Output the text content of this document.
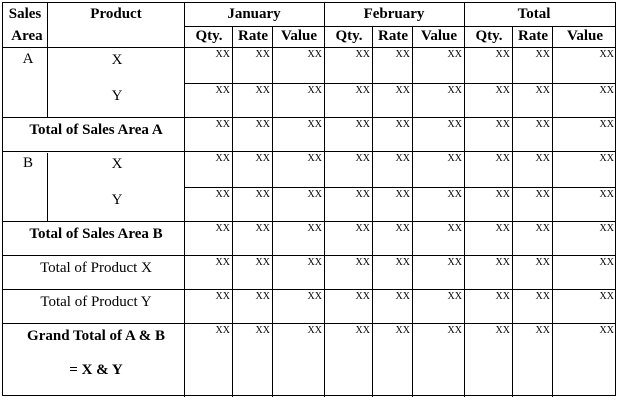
Sales
Area
Product	January	February	Total
Qty. Rate Value Qty. Rate Value Qty. Rate Value
A	X	XX	XX	XX	XX	XX	XX	XX	XX	XX
Y	XX	XX	XX	XX	XX	XX	XX	XX	XX
Total of Sales Area A	XX	XX	XX	XX	XX	XX	XX	XX	XX
B	X	XX	XX	XX	XX	XX	XX	XX	XX	XX
Y	XX	XX	XX	XX	XX	XX	XX	XX	XX
Total of Sales Area B	XX	XX	XX	XX	XX	XX	XX	XX	XX
Total of Product X	XX	XX	XX	XX	XX	XX	XX	XX	XX
Total of Product Y	XX	XX	XX	XX	XX	XX	XX	XX	XX
Grand Total of A & B	XX	XX	XX	XX	XX	XX	XX	XX	XX
= X & Y
